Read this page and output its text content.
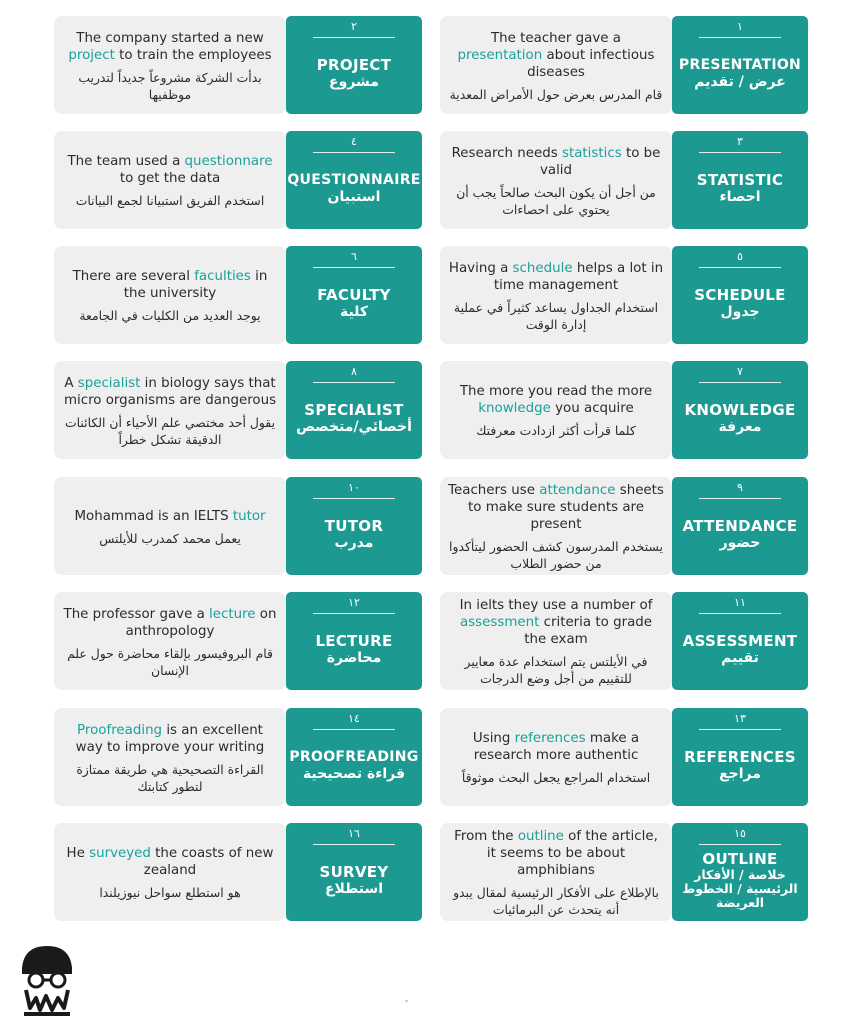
The teacher gave a presentation about infectious diseases
قام المدرس بعرض حول الأمراض المعدية
١
PRESENTATION
عرض / تقديم
The company started a new project to train the employees
بدأت الشركة مشروعاً جديداً لتدريب موظفيها
٢
PROJECT
مشروع
Research needs statistics to be valid
من أجل أن يكون البحث صالحاً يجب أن يحتوي على احصاءات
٣
STATISTIC
احصاء
The team used a questionnare to get the data
استخدم الفريق استبيانا لجمع البيانات
٤
QUESTIONNAIRE
استبيان
Having a schedule helps a lot in time management
استخدام الجداول يساعد كثيراً في عملية إدارة الوقت
٥
SCHEDULE
جدول
There are several faculties in the university
يوجد العديد من الكليات في الجامعة
٦
FACULTY
كلية
The more you read the more knowledge you acquire
كلما قرأت أكثر ازدادت معرفتك
٧
KNOWLEDGE
معرفة
A specialist in biology says that micro organisms are dangerous
يقول أحد مختصي علم الأحياء أن الكائنات الدقيقة تشكل خطراً
٨
SPECIALIST
أخصائي/متخصص
Teachers use attendance sheets to make sure students are present
يستخدم المدرسون كشف الحضور ليتأكدوا من حضور الطلاب
٩
ATTENDANCE
حضور
Mohammad is an IELTS tutor
يعمل محمد كمدرب للأيلتس
١٠
TUTOR
مدرب
In ielts they use a number of assessment criteria to grade the exam
في الأيلتس يتم استخدام عدة معايير للتقييم من أجل وضع الدرجات
١١
ASSESSMENT
تقييم
The professor gave a lecture on anthropology
قام البروفيسور بإلقاء محاضرة حول علم الإنسان
١٢
LECTURE
محاضرة
Using references make a research more authentic
استخدام المراجع يجعل البحث موثوقاً
١٣
REFERENCES
مراجع
Proofreading is an excellent way to improve your writing
القراءة التصحيحية هي طريقة ممتازة لتطور كتابتك
١٤
PROOFREADING
قراءة تصحيحية
From the outline of the article, it seems to be about amphibians
بالإطلاع على الأفكار الرئيسية لمقال يبدو أنه يتحدث عن البرمائيات
١٥
OUTLINE
خلاصة / الأفكار الرئيسية / الخطوط العريضة
He surveyed the coasts of new zealand
هو استطلع سواحل نيوزيلندا
١٦
SURVEY
استطلاع
